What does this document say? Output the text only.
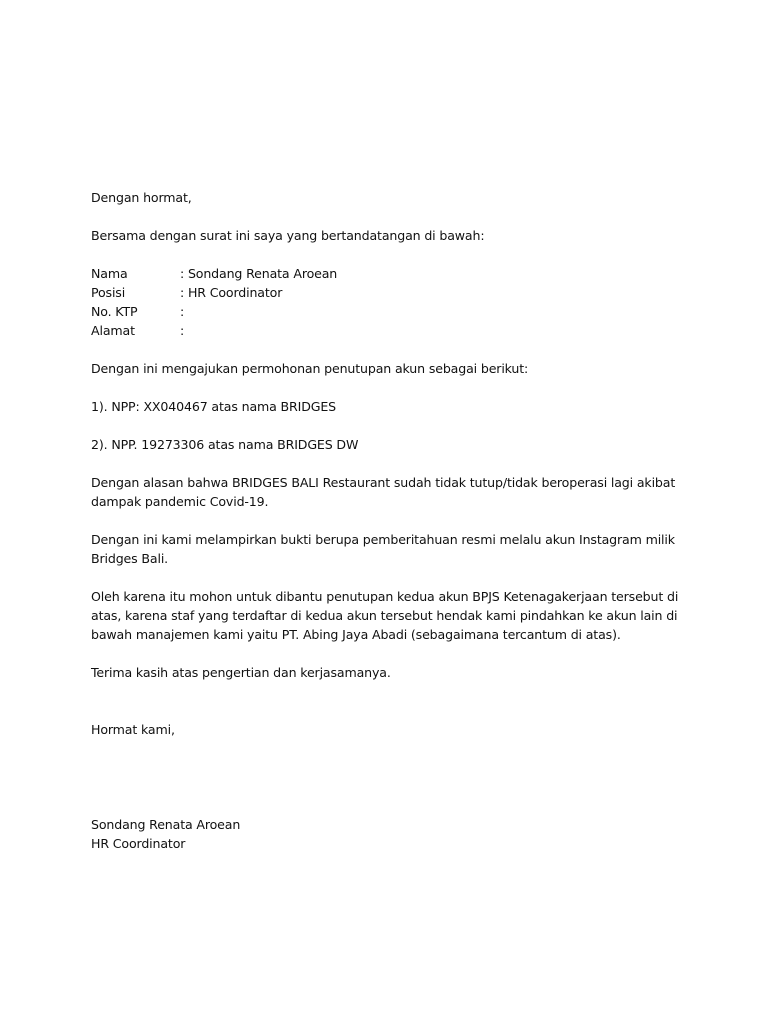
Dengan hormat,

Bersama dengan surat ini saya yang bertandatangan di bawah:

Nama	: Sondang Renata Aroean
Posisi	: HR Coordinator
No. KTP	:
Alamat	:

Dengan ini mengajukan permohonan penutupan akun sebagai berikut:

1). NPP: XX040467 atas nama BRIDGES

2). NPP. 19273306 atas nama BRIDGES DW

Dengan alasan bahwa BRIDGES BALI Restaurant sudah tidak tutup/tidak beroperasi lagi akibat

dampak pandemic Covid-19.

Dengan ini kami melampirkan bukti berupa pemberitahuan resmi melalu akun Instagram milik

Bridges Bali.

Oleh karena itu mohon untuk dibantu penutupan kedua akun BPJS Ketenagakerjaan tersebut di

atas, karena staf yang terdaftar di kedua akun tersebut hendak kami pindahkan ke akun lain di

bawah manajemen kami yaitu PT. Abing Jaya Abadi (sebagaimana tercantum di atas).

Terima kasih atas pengertian dan kerjasamanya.

Hormat kami,

Sondang Renata Aroean

HR Coordinator
